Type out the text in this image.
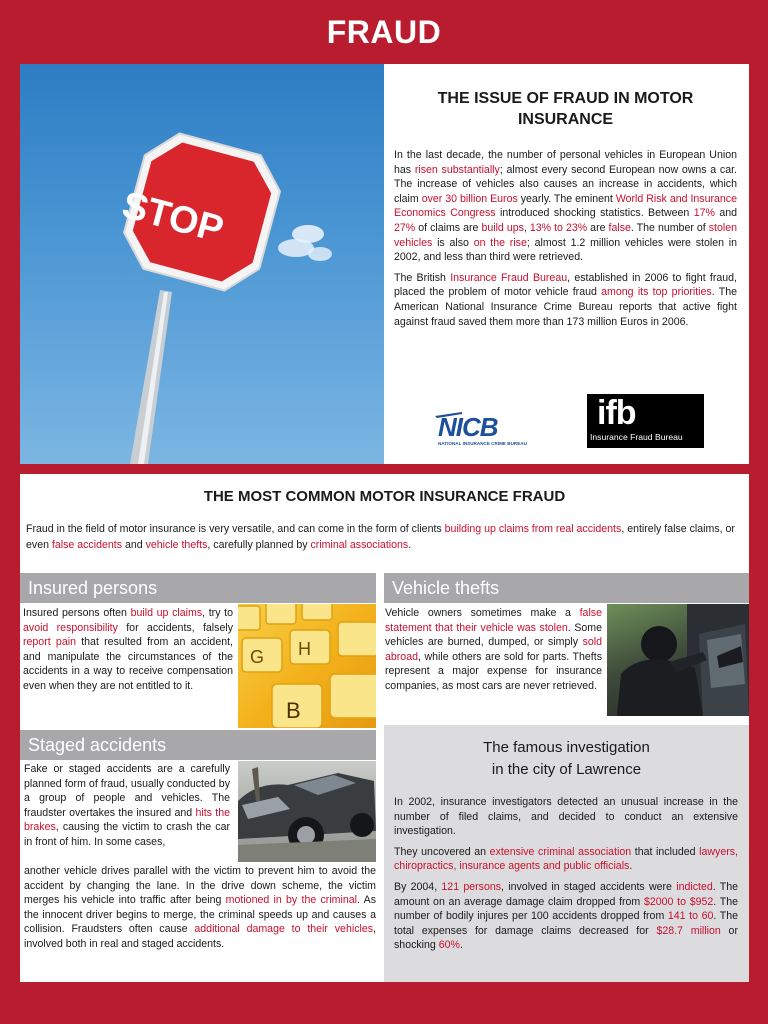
FRAUD
STOP
THE ISSUE OF FRAUD IN MOTOR INSURANCE

In the last decade, the number of personal vehicles in European Union has risen substantially; almost every second European now owns a car. The increase of vehicles also causes an increase in accidents, which claim over 30 billion Euros yearly. The eminent World Risk and Insurance Economics Congress introduced shocking statistics. Between 17% and 27% of claims are build ups, 13% to 23% are false. The number of stolen vehicles is also on the rise; almost 1.2 million vehicles were stolen in 2002, and less than third were retrieved.

The British Insurance Fraud Bureau, established in 2006 to fight fraud, placed the problem of motor vehicle fraud among its top priorities. The American National Insurance Crime Bureau reports that active fight against fraud saved them more than 173 million Euros in 2006.

NICB
NATIONAL INSURANCE CRIME BUREAU
ifb
Insurance Fraud Bureau
THE MOST COMMON MOTOR INSURANCE FRAUD

Fraud in the field of motor insurance is very versatile, and can come in the form of clients building up claims from real accidents, entirely false claims, or even false accidents and vehicle thefts, carefully planned by criminal associations.

Insured persons

Insured persons often build up claims, try to avoid responsibility for accidents, falsely report pain that resulted from an accident, and manipulate the circumstances of the accidents in a way to receive compensation even when they are not entitled to it.

G H
B
Vehicle thefts

Vehicle owners sometimes make a false statement that their vehicle was stolen. Some vehicles are burned, dumped, or simply sold abroad, while others are sold for parts. Thefts represent a major expense for insurance companies, as most cars are never retrieved.

Staged accidents

Fake or staged accidents are a carefully planned form of fraud, usually conducted by a group of people and vehicles. The fraudster overtakes the insured and hits the brakes, causing the victim to crash the car in front of him. In some cases,

another vehicle drives parallel with the victim to prevent him to avoid the accident by changing the lane. In the drive down scheme, the victim merges his vehicle into traffic after being motioned in by the criminal. As the innocent driver begins to merge, the criminal speeds up and causes a collision. Fraudsters often cause additional damage to their vehicles, involved both in real and staged accidents.

The famous investigation
in the city of Lawrence

In 2002, insurance investigators detected an unusual increase in the number of filed claims, and decided to conduct an extensive investigation.

They uncovered an extensive criminal association that included lawyers, chiropractics, insurance agents and public officials.

By 2004, 121 persons, involved in staged accidents were indicted. The amount on an average damage claim dropped from $2000 to $952. The number of bodily injures per 100 accidents dropped from 141 to 60. The total expenses for damage claims decreased for $28.7 million or shocking 60%.
